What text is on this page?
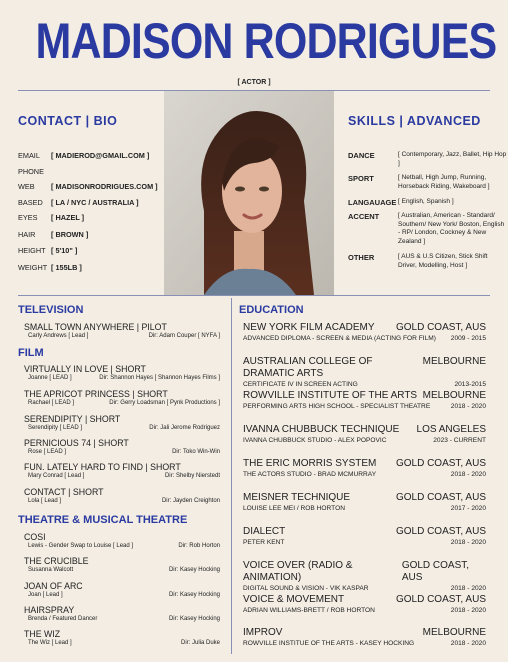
MADISON RODRIGUES
[ ACTOR ]
CONTACT | BIO	SKILLS | ADVANCED
EMAIL [ MADIEROD@GMAIL.COM ]
PHONE
WEB [ MADISONRODRIGUES.COM ]
BASED [ LA / NYC / AUSTRALIA ]
EYES [ HAZEL ]
HAIR [ BROWN ]
HEIGHT [ 5'10" ]
WEIGHT [ 155LB ]
DANCE	[ Contemporary, Jazz, Ballet, Hip Hop ]
SPORT	[ Netball, High Jump, Running, Horseback Riding, Wakeboard ]
LANGAUAGE [ English, Spanish ]
ACCENT	[ Australian, American - Standard/ Southern/ New York/ Boston, English - RP/ London, Cockney & New Zealand ]
OTHER	[ AUS & U.S Citizen, Stick Shift Driver, Modelling, Host ]
TELEVISION
SMALL TOWN ANYWHERE | PILOT
Carly Andrews [ Lead ]	Dir: Adam Couper [ NYFA ]
FILM
VIRTUALLY IN LOVE | SHORT
Joanne [ LEAD ]	Dir: Shannon Hayes [ Shannon Hayes Films ]
THE APRICOT PRINCESS | SHORT
Rachael [ LEAD ]	Dir: Gerry Loadsman [ Pynk Productions ]
SERENDIPITY | SHORT
Serendipity [ LEAD ]	Dir: Jali Jerome Rodriguez
PERNICIOUS 74 | SHORT
Rose [ LEAD ]	Dir: Toko Win-Win
FUN. LATELY HARD TO FIND | SHORT
Mary Conrad [ Lead ]	Dir: Shelby Nierstedt
CONTACT | SHORT
Lola [ Lead ]	Dir: Jayden Creighton
THEATRE & MUSICAL THEATRE
COSI
Lewis - Gender Swap to Louise [ Lead ]	Dir: Rob Horton
THE CRUCIBLE
Susanna Walcott	Dir: Kasey Hocking
JOAN OF ARC
Joan [ Lead ]	Dir: Kasey Hocking
HAIRSPRAY
Brenda / Featured Dancer	Dir: Kasey Hocking
THE WIZ
The Wiz [ Lead ]	Dir: Julia Duke
EDUCATION
NEW YORK FILM ACADEMY GOLD COAST, AUS
ADVANCED DIPLOMA - SCREEN & MEDIA (ACTING FOR FILM) 2009 - 2015
AUSTRALIAN COLLEGE OF DRAMATIC ARTS
MELBOURNE
CERTIFICATE IV IN SCREEN ACTING	2013-2015
ROWVILLE INSTITUTE OF THE ARTS MELBOURNE
PERFORMING ARTS HIGH SCHOOL - SPECIALIST THEATRE	2018 - 2020
IVANNA CHUBBUCK TECHNIQUE LOS ANGELES
IVANNA CHUBBUCK STUDIO - ALEX POPOVIC	2023 - CURRENT
THE ERIC MORRIS SYSTEM GOLD COAST, AUS
THE ACTORS STUDIO - BRAD MCMURRAY	2018 - 2020
MEISNER TECHNIQUE	GOLD COAST, AUS
LOUISE LEE MEI / ROB HORTON	2017 - 2020
DIALECT	GOLD COAST, AUS
PETER KENT	2018 - 2020
VOICE OVER (RADIO & ANIMATION)
GOLD COAST, AUS
DIGITAL SOUND & VISION - VIK KASPAR	2018 - 2020
VOICE & MOVEMENT	GOLD COAST, AUS
ADRIAN WILLIAMS-BRETT / ROB HORTON	2018 - 2020
IMPROV	MELBOURNE
ROWVILLE INSTITUE OF THE ARTS - KASEY HOCKING	2018 - 2020
